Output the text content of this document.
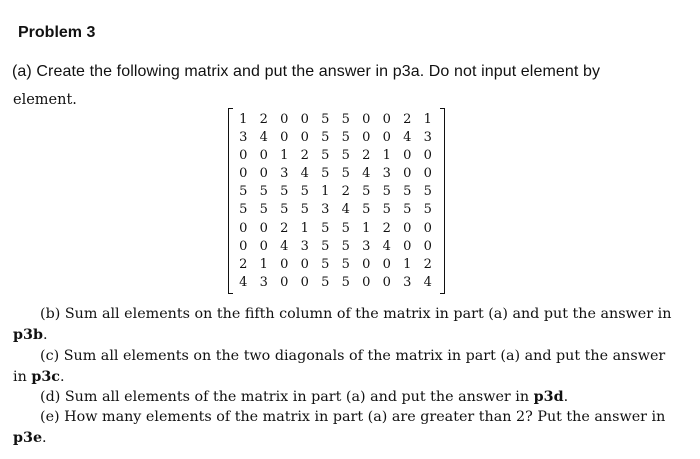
Problem 3
(a) Create the following matrix and put the answer in p3a. Do not input element by
element.
1 2 0 0 5 5 0 0 2 1
3 4 0 0 5 5 0 0 4 3
0 0 1 2 5 5 2 1 0 0
0 0 3 4 5 5 4 3 0 0
5 5 5 5 1 2 5 5 5 5
5 5 5 5 3 4 5 5 5 5
0 0 2 1 5 5 1 2 0 0
0 0 4 3 5 5 3 4 0 0
2 1 0 0 5 5 0 0 1 2
4 3 0 0 5 5 0 0 3 4
(b) Sum all elements on the fifth column of the matrix in part (a) and put the answer in
p3b.
(c) Sum all elements on the two diagonals of the matrix in part (a) and put the answer
in p3c.
(d) Sum all elements of the matrix in part (a) and put the answer in p3d.
(e) How many elements of the matrix in part (a) are greater than 2? Put the answer in
p3e.
